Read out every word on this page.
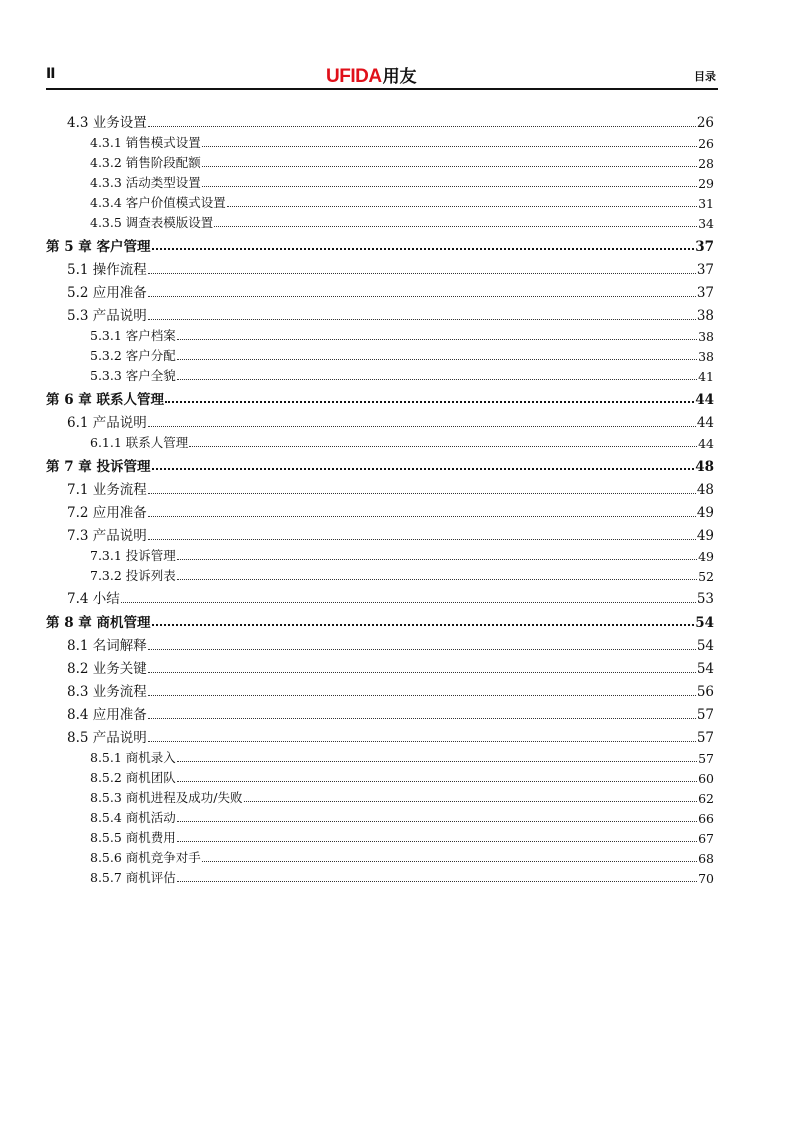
II	UFIDA用友	目录
4.3 业务设置	26
4.3.1 销售模式设置	26
4.3.2 销售阶段配额	28
4.3.3 活动类型设置	29
4.3.4 客户价值模式设置	31
4.3.5 调查表模版设置	34
第 5 章 客户管理	37
5.1 操作流程	37
5.2 应用准备	37
5.3 产品说明	38
5.3.1 客户档案	38
5.3.2 客户分配	38
5.3.3 客户全貌	41
第 6 章 联系人管理	44
6.1 产品说明	44
6.1.1 联系人管理	44
第 7 章 投诉管理	48
7.1 业务流程	48
7.2 应用准备	49
7.3 产品说明	49
7.3.1 投诉管理	49
7.3.2 投诉列表	52
7.4 小结	53
第 8 章 商机管理	54
8.1 名词解释	54
8.2 业务关键	54
8.3 业务流程	56
8.4 应用准备	57
8.5 产品说明	57
8.5.1 商机录入	57
8.5.2 商机团队	60
8.5.3 商机进程及成功/失败	62
8.5.4 商机活动	66
8.5.5 商机费用	67
8.5.6 商机竞争对手	68
8.5.7 商机评估	70
